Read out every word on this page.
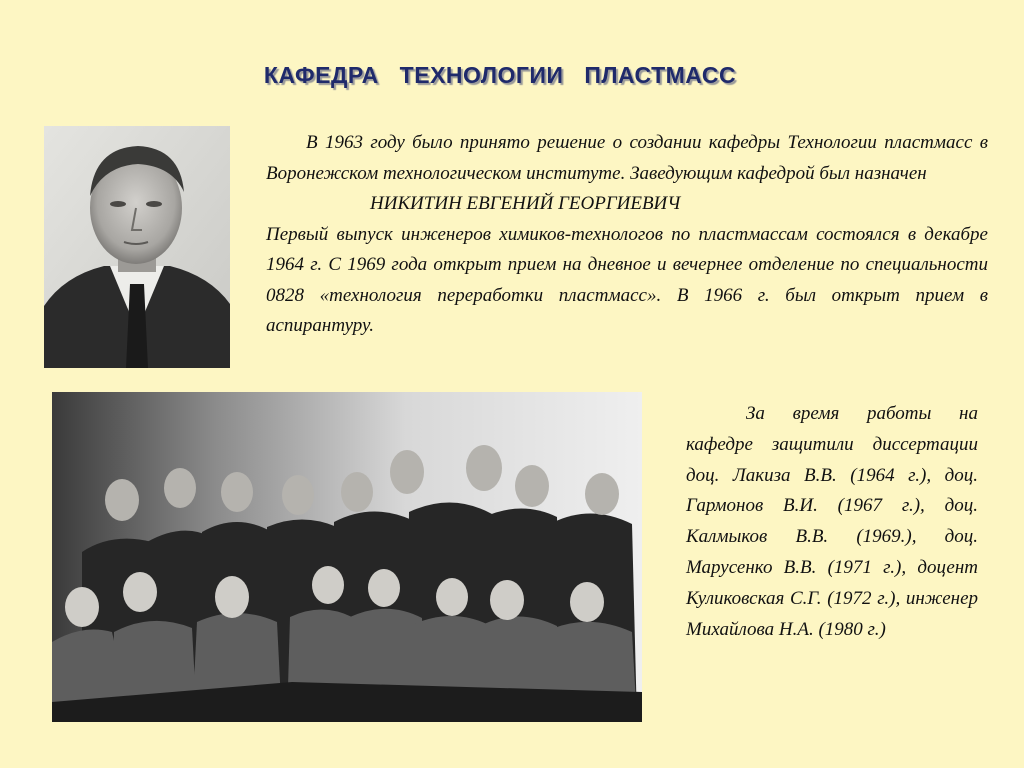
КАФЕДРА ТЕХНОЛОГИИ ПЛАСТМАСС

В 1963 году было принято решение о создании кафедры Технологии пластмасс в Воронежском технологическом институте. Заведующим кафедрой был назначен

НИКИТИН ЕВГЕНИЙ ГЕОРГИЕВИЧ

Первый выпуск инженеров химиков-технологов по пластмассам состоялся в декабре 1964 г. С 1969 года открыт прием на дневное и вечернее отделение по специальности 0828 «технология переработки пластмасс». В 1966 г. был открыт прием в аспирантуру.

За время работы на кафедре защитили диссертации доц. Лакиза В.В. (1964 г.), доц. Гармонов В.И. (1967 г.), доц. Калмыков В.В. (1969.), доц. Марусенко В.В. (1971 г.), доцент Куликовская С.Г. (1972 г.), инженер Михайлова Н.А. (1980 г.)
